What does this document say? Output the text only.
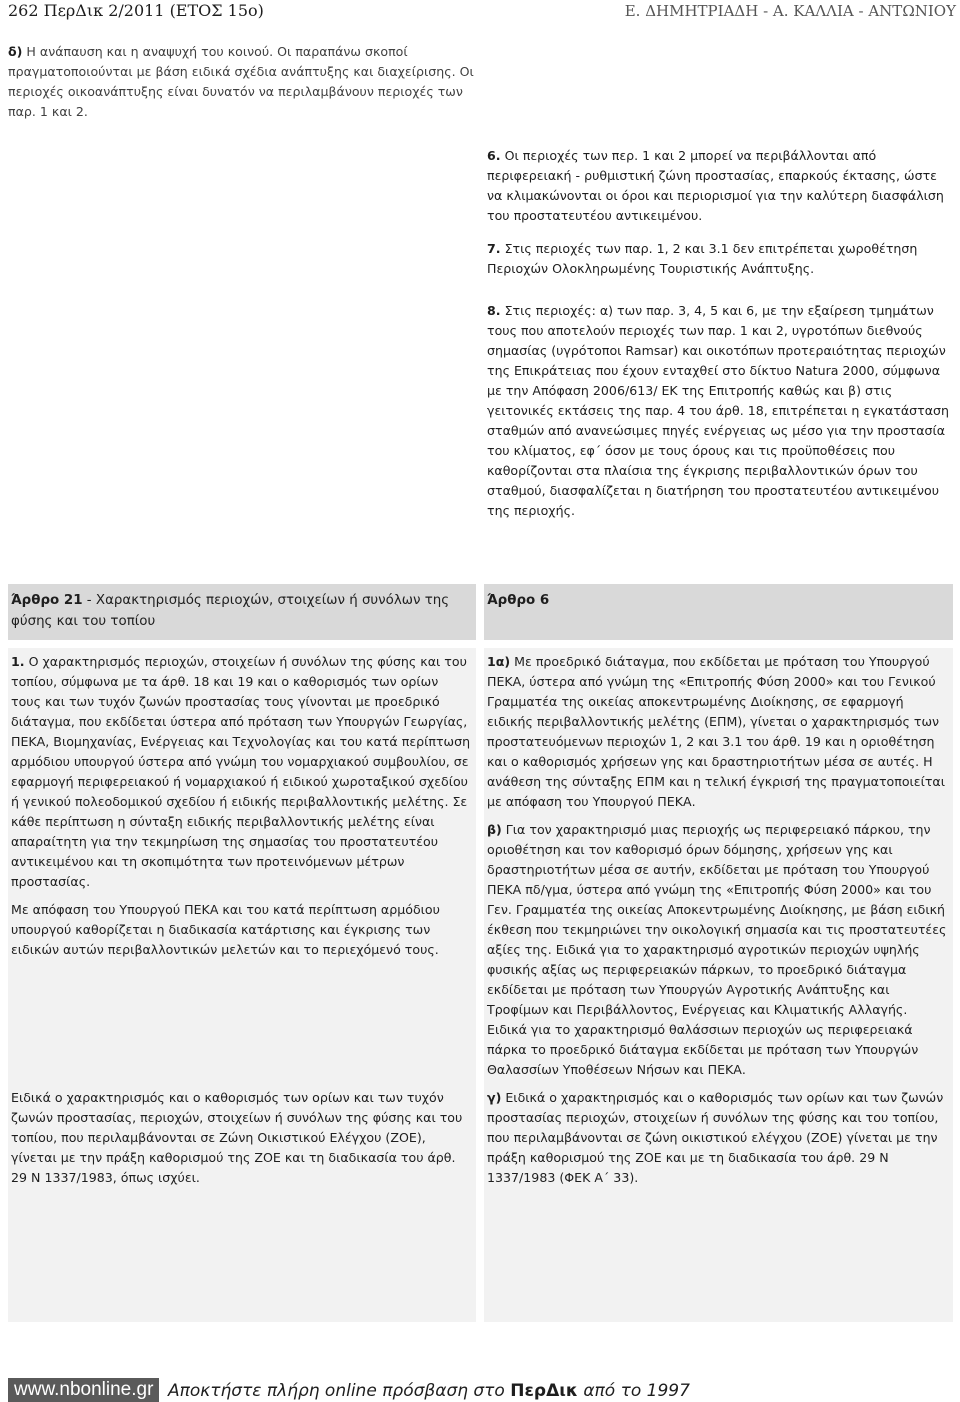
262 ΠερΔικ 2/2011 (ΕΤΟΣ 15ο)	Ε. ΔΗΜΗΤΡΙΑΔΗ - Α. ΚΑΛΛΙΑ - ΑΝΤΩΝΙΟΥ

δ) Η ανάπαυση και η αναψυχή του κοινού. Οι παραπάνω σκοποί πραγματοποιούνται με βάση ειδικά σχέδια ανάπτυξης και διαχείρισης. Οι περιοχές οικοανάπτυξης είναι δυνατόν να περιλαμβάνουν περιοχές των παρ. 1 και 2.

6. Οι περιοχές των περ. 1 και 2 μπορεί να περιβάλλονται από περιφερειακή - ρυθμιστική ζώνη προστασίας, επαρκούς έκτασης, ώστε να κλιμακώνονται οι όροι και περιορισμοί για την καλύτερη διασφάλιση του προστατευτέου αντικειμένου.

7. Στις περιοχές των παρ. 1, 2 και 3.1 δεν επιτρέπεται χωροθέτηση Περιοχών Ολοκληρωμένης Τουριστικής Ανάπτυξης.

8. Στις περιοχές: α) των παρ. 3, 4, 5 και 6, με την εξαίρεση τμημάτων τους που αποτελούν περιοχές των παρ. 1 και 2, υγροτόπων διεθνούς σημασίας (υγρότοποι Ramsar) και οικοτόπων προτεραιότητας περιοχών της Επικράτειας που έχουν ενταχθεί στο δίκτυο Natura 2000, σύμφωνα με την Απόφαση 2006/613/ ΕΚ της Επιτροπής καθώς και β) στις γειτονικές εκτάσεις της παρ. 4 του άρθ. 18, επιτρέπεται η εγκατάσταση σταθμών από ανανεώσιμες πηγές ενέργειας ως μέσο για την προστασία του κλίματος, εφ΄ όσον με τους όρους και τις προϋποθέσεις που καθορίζονται στα πλαίσια της έγκρισης περιβαλλοντικών όρων του σταθμού, διασφαλίζεται η διατήρηση του προστατευτέου αντικειμένου της περιοχής.

Άρθρο 21 - Χαρακτηρισμός περιοχών, στοιχείων ή συνόλων της φύσης και του τοπίου
Άρθρο 6

1. Ο χαρακτηρισμός περιοχών, στοιχείων ή συνόλων της φύσης και του τοπίου, σύμφωνα με τα άρθ. 18 και 19 και ο καθορισμός των ορίων τους και των τυχόν ζωνών προστασίας τους γίνονται με προεδρικό διάταγμα, που εκδίδεται ύστερα από πρόταση των Υπουργών Γεωργίας, ΠΕΚΑ, Βιομηχανίας, Ενέργειας και Τεχνολογίας και του κατά περίπτωση αρμόδιου υπουργού ύστερα από γνώμη του νομαρχιακού συμβουλίου, σε εφαρμογή περιφερειακού ή νομαρχιακού ή ειδικού χωροταξικού σχεδίου ή γενικού πολεοδομικού σχεδίου ή ειδικής περιβαλλοντικής μελέτης. Σε κάθε περίπτωση η σύνταξη ειδικής περιβαλλοντικής μελέτης είναι απαραίτητη για την τεκμηρίωση της σημασίας του προστατευτέου αντικειμένου και τη σκοπιμότητα των προτεινόμενων μέτρων προστασίας.

Με απόφαση του Υπουργού ΠΕΚΑ και του κατά περίπτωση αρμόδιου υπουργού καθορίζεται η διαδικασία κατάρτισης και έγκρισης των ειδικών αυτών περιβαλλοντικών μελετών και το περιεχόμενό τους.

Ειδικά ο χαρακτηρισμός και ο καθορισμός των ορίων και των τυχόν ζωνών προστασίας, περιοχών, στοιχείων ή συνόλων της φύσης και του τοπίου, που περιλαμβάνονται σε Ζώνη Οικιστικού Ελέγχου (ΖΟΕ), γίνεται με την πράξη καθορισμού της ΖΟΕ και τη διαδικασία του άρθ. 29 Ν 1337/1983, όπως ισχύει.

1α) Με προεδρικό διάταγμα, που εκδίδεται με πρόταση του Υπουργού ΠΕΚΑ, ύστερα από γνώμη της «Επιτροπής Φύση 2000» και του Γενικού Γραμματέα της οικείας αποκεντρωμένης Διοίκησης, σε εφαρμογή ειδικής περιβαλλοντικής μελέτης (ΕΠΜ), γίνεται ο χαρακτηρισμός των προστατευόμενων περιοχών 1, 2 και 3.1 του άρθ. 19 και η οριοθέτηση και ο καθορισμός χρήσεων γης και δραστηριοτήτων μέσα σε αυτές. Η ανάθεση της σύνταξης ΕΠΜ και η τελική έγκρισή της πραγματοποιείται με απόφαση του Υπουργού ΠΕΚΑ.

β) Για τον χαρακτηρισμό μιας περιοχής ως περιφερειακό πάρκου, την οριοθέτηση και τον καθορισμό όρων δόμησης, χρήσεων γης και δραστηριοτήτων μέσα σε αυτήν, εκδίδεται με πρόταση του Υπουργού ΠΕΚΑ πδ/γμα, ύστερα από γνώμη της «Επιτροπής Φύση 2000» και του Γεν. Γραμματέα της οικείας Αποκεντρωμένης Διοίκησης, με βάση ειδική έκθεση που τεκμηριώνει την οικολογική σημασία και τις προστατευτέες αξίες της. Ειδικά για το χαρακτηρισμό αγροτικών περιοχών υψηλής φυσικής αξίας ως περιφερειακών πάρκων, το προεδρικό διάταγμα εκδίδεται με πρόταση των Υπουργών Αγροτικής Ανάπτυξης και Τροφίμων και Περιβάλλοντος, Ενέργειας και Κλιματικής Αλλαγής. Ειδικά για το χαρακτηρισμό θαλάσσιων περιοχών ως περιφερειακά πάρκα το προεδρικό διάταγμα εκδίδεται με πρόταση των Υπουργών Θαλασσίων Υποθέσεων Νήσων και ΠΕΚΑ.

γ) Ειδικά ο χαρακτηρισμός και ο καθορισμός των ορίων και των ζωνών προστασίας περιοχών, στοιχείων ή συνόλων της φύσης και του τοπίου, που περιλαμβάνονται σε ζώνη οικιστικού ελέγχου (ΖΟΕ) γίνεται με την πράξη καθορισμού της ΖΟΕ και με τη διαδικασία του άρθ. 29 Ν 1337/1983 (ΦΕΚ Α΄ 33).

www.nbonline.gr Αποκτήστε πλήρη online πρόσβαση στο ΠερΔικ από το 1997
